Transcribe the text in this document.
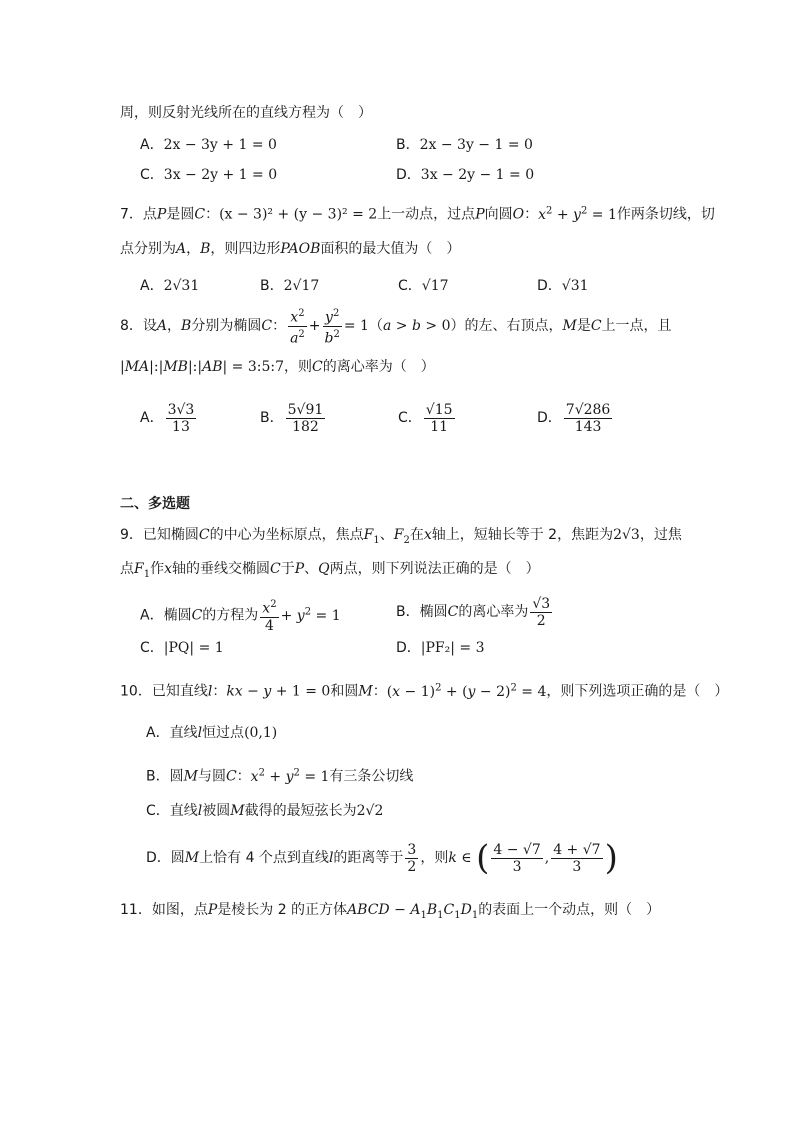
周，则反射光线所在的直线方程为（　）
A．2x − 3y + 1 = 0	B．2x − 3y − 1 = 0
C．3x − 2y + 1 = 0	D．3x − 2y − 1 = 0
7．点P是圆C：(x − 3)² + (y − 3)² = 2上一动点，过点P向圆O：$x^2 + y^2 = 1$作两条切线，切
点分别为A，B，则四边形PAOB面积的最大值为（　）
A．2√31	B．2√17	C．√17	D．√31
8．设A，B分别为椭圆C： $\frac{x^2}{a^2} + \frac{y^2}{b^2} = 1(a > b > 0)$的左、右顶点，M是C上一点，且
|MA|:|MB|:|AB| = 3:5:7，则C的离心率为（　）
A． $\frac{3√3}{13}$	B． $\frac{5√91}{182}$	C． $\frac{√15}{11}$	D． $\frac{7√286}{143}$
二、多选题
9．已知椭圆C的中心为坐标原点，焦点$F_1$、$F_2$在x轴上，短轴长等于 2，焦距为2√3，过焦
点$F_1$作x轴的垂线交椭圆C于P、Q两点，则下列说法正确的是（　）
A．椭圆C的方程为 $\frac{x^2}{4} + y^2 = 1$	B．椭圆C的离心率为 $\frac{√3}{2}$
C．|PQ| = 1	D．|PF₂| = 3
10．已知直线l：kx − y + 1 = 0和圆M：$(x - 1)^2 + (y - 2)^2 = 4$，则下列选项正确的是（　）
A．直线l恒过点(0,1)
B．圆M与圆C：$x^2 + y^2 = 1$有三条公切线
C．直线l被圆M截得的最短弦长为2√2
D．圆M上恰有 4 个点到直线l的距离等于 $\frac{3}{2}$ ，则k ∈ ( $\frac{4 - √7}{3}$ , $\frac{4 + √7}{3}$ )
11．如图，点P是棱长为 2 的正方体ABCD − $A_1B_1C_1D_1$的表面上一个动点，则（　）
